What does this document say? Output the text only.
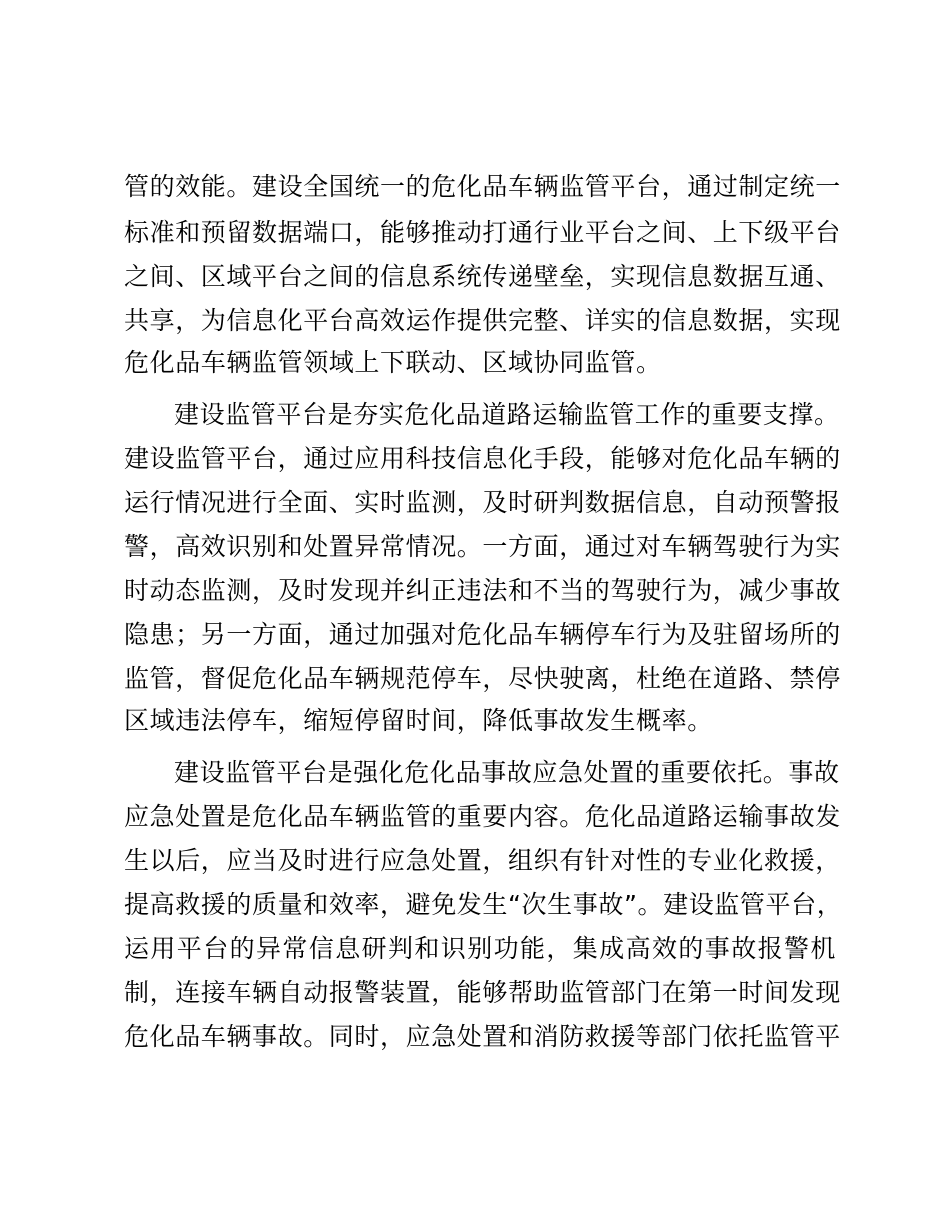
管的效能。建设全国统一的危化品车辆监管平台，通过制定统一
标准和预留数据端口，能够推动打通行业平台之间、上下级平台
之间、区域平台之间的信息系统传递壁垒，实现信息数据互通、
共享，为信息化平台高效运作提供完整、详实的信息数据，实现
危化品车辆监管领域上下联动、区域协同监管。
建设监管平台是夯实危化品道路运输监管工作的重要支撑。
建设监管平台，通过应用科技信息化手段，能够对危化品车辆的
运行情况进行全面、实时监测，及时研判数据信息，自动预警报
警，高效识别和处置异常情况。一方面，通过对车辆驾驶行为实
时动态监测，及时发现并纠正违法和不当的驾驶行为，减少事故
隐患；另一方面，通过加强对危化品车辆停车行为及驻留场所的
监管，督促危化品车辆规范停车，尽快驶离，杜绝在道路、禁停
区域违法停车，缩短停留时间，降低事故发生概率。
建设监管平台是强化危化品事故应急处置的重要依托。事故
应急处置是危化品车辆监管的重要内容。危化品道路运输事故发
生以后，应当及时进行应急处置，组织有针对性的专业化救援，
提高救援的质量和效率，避免发生“次生事故”。建设监管平台，
运用平台的异常信息研判和识别功能，集成高效的事故报警机
制，连接车辆自动报警装置，能够帮助监管部门在第一时间发现
危化品车辆事故。同时，应急处置和消防救援等部门依托监管平
